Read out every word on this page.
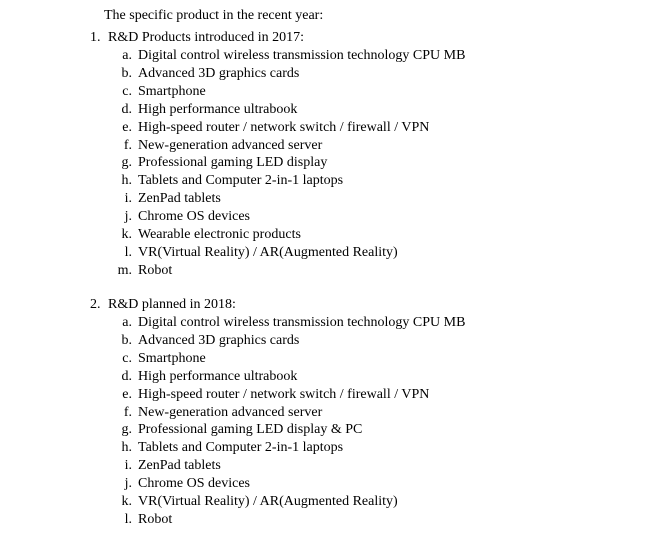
The specific product in the recent year:
1. R&D Products introduced in 2017:
a. Digital control wireless transmission technology CPU MB
b. Advanced 3D graphics cards
c. Smartphone
d. High performance ultrabook
e. High-speed router / network switch / firewall / VPN
f. New-generation advanced server
g. Professional gaming LED display
h. Tablets and Computer 2-in-1 laptops
i. ZenPad tablets
j. Chrome OS devices
k. Wearable electronic products
l. VR(Virtual Reality) / AR(Augmented Reality)
m. Robot
2. R&D planned in 2018:
a. Digital control wireless transmission technology CPU MB
b. Advanced 3D graphics cards
c. Smartphone
d. High performance ultrabook
e. High-speed router / network switch / firewall / VPN
f. New-generation advanced server
g. Professional gaming LED display & PC
h. Tablets and Computer 2-in-1 laptops
i. ZenPad tablets
j. Chrome OS devices
k. VR(Virtual Reality) / AR(Augmented Reality)
l. Robot
